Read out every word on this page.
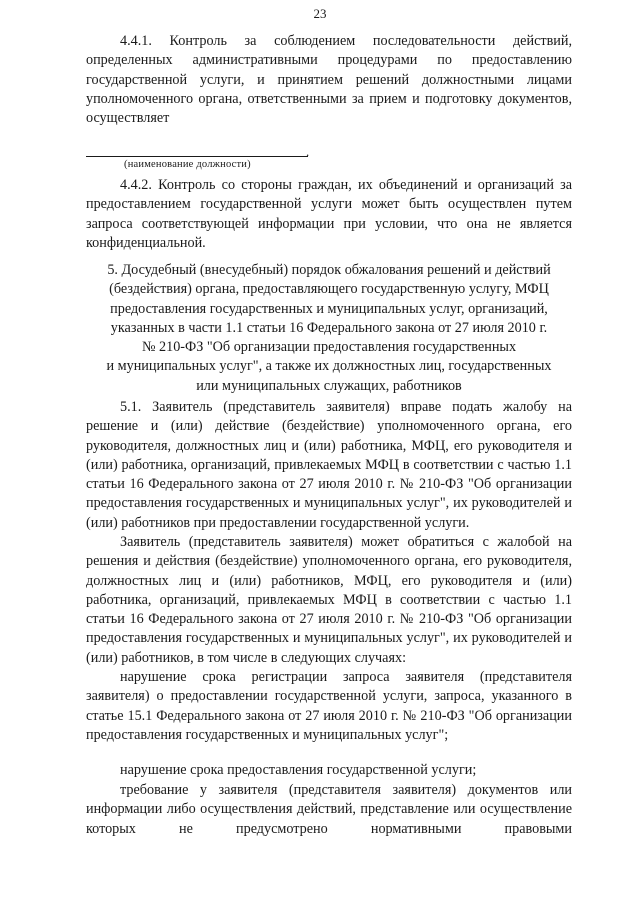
23

4.4.1. Контроль за соблюдением последовательности действий, определенных административными процедурами по предоставлению государственной услуги, и принятием решений должностными лицами уполномоченного органа, ответственными за прием и подготовку документов, осуществляет

.
(наименование должности)

4.4.2. Контроль со стороны граждан, их объединений и организаций за предоставлением государственной услуги может быть осуществлен путем запроса соответствующей информации при условии, что она не является конфиденциальной.

5. Досудебный (внесудебный) порядок обжалования решений и действий
(бездействия) органа, предоставляющего государственную услугу, МФЦ
предоставления государственных и муниципальных услуг, организаций,
указанных в части 1.1 статьи 16 Федерального закона от 27 июля 2010 г.
№ 210-ФЗ "Об организации предоставления государственных
и муниципальных услуг", а также их должностных лиц, государственных
или муниципальных служащих, работников

5.1. Заявитель (представитель заявителя) вправе подать жалобу на решение и (или) действие (бездействие) уполномоченного органа, его руководителя, должностных лиц и (или) работника, МФЦ, его руководителя и (или) работника, организаций, привлекаемых МФЦ в соответствии с частью 1.1 статьи 16 Федерального закона от 27 июля 2010 г. № 210-ФЗ "Об организации предоставления государственных и муниципальных услуг", их руководителей и (или) работников при предоставлении государственной услуги.

Заявитель (представитель заявителя) может обратиться с жалобой на решения и действия (бездействие) уполномоченного органа, его руководителя, должностных лиц и (или) работников, МФЦ, его руководителя и (или) работника, организаций, привлекаемых МФЦ в соответствии с частью 1.1 статьи 16 Федерального закона от 27 июля 2010 г. № 210-ФЗ "Об организации предоставления государственных и муниципальных услуг", их руководителей и (или) работников, в том числе в следующих случаях:

нарушение срока регистрации запроса заявителя (представителя заявителя) о предоставлении государственной услуги, запроса, указанного в статье 15.1 Федерального закона от 27 июля 2010 г. № 210-ФЗ "Об организации предоставления государственных и муниципальных услуг";

нарушение срока предоставления государственной услуги;

требование у заявителя (представителя заявителя) документов или информации либо осуществления действий, представление или осуществление которых не предусмотрено нормативными правовыми
